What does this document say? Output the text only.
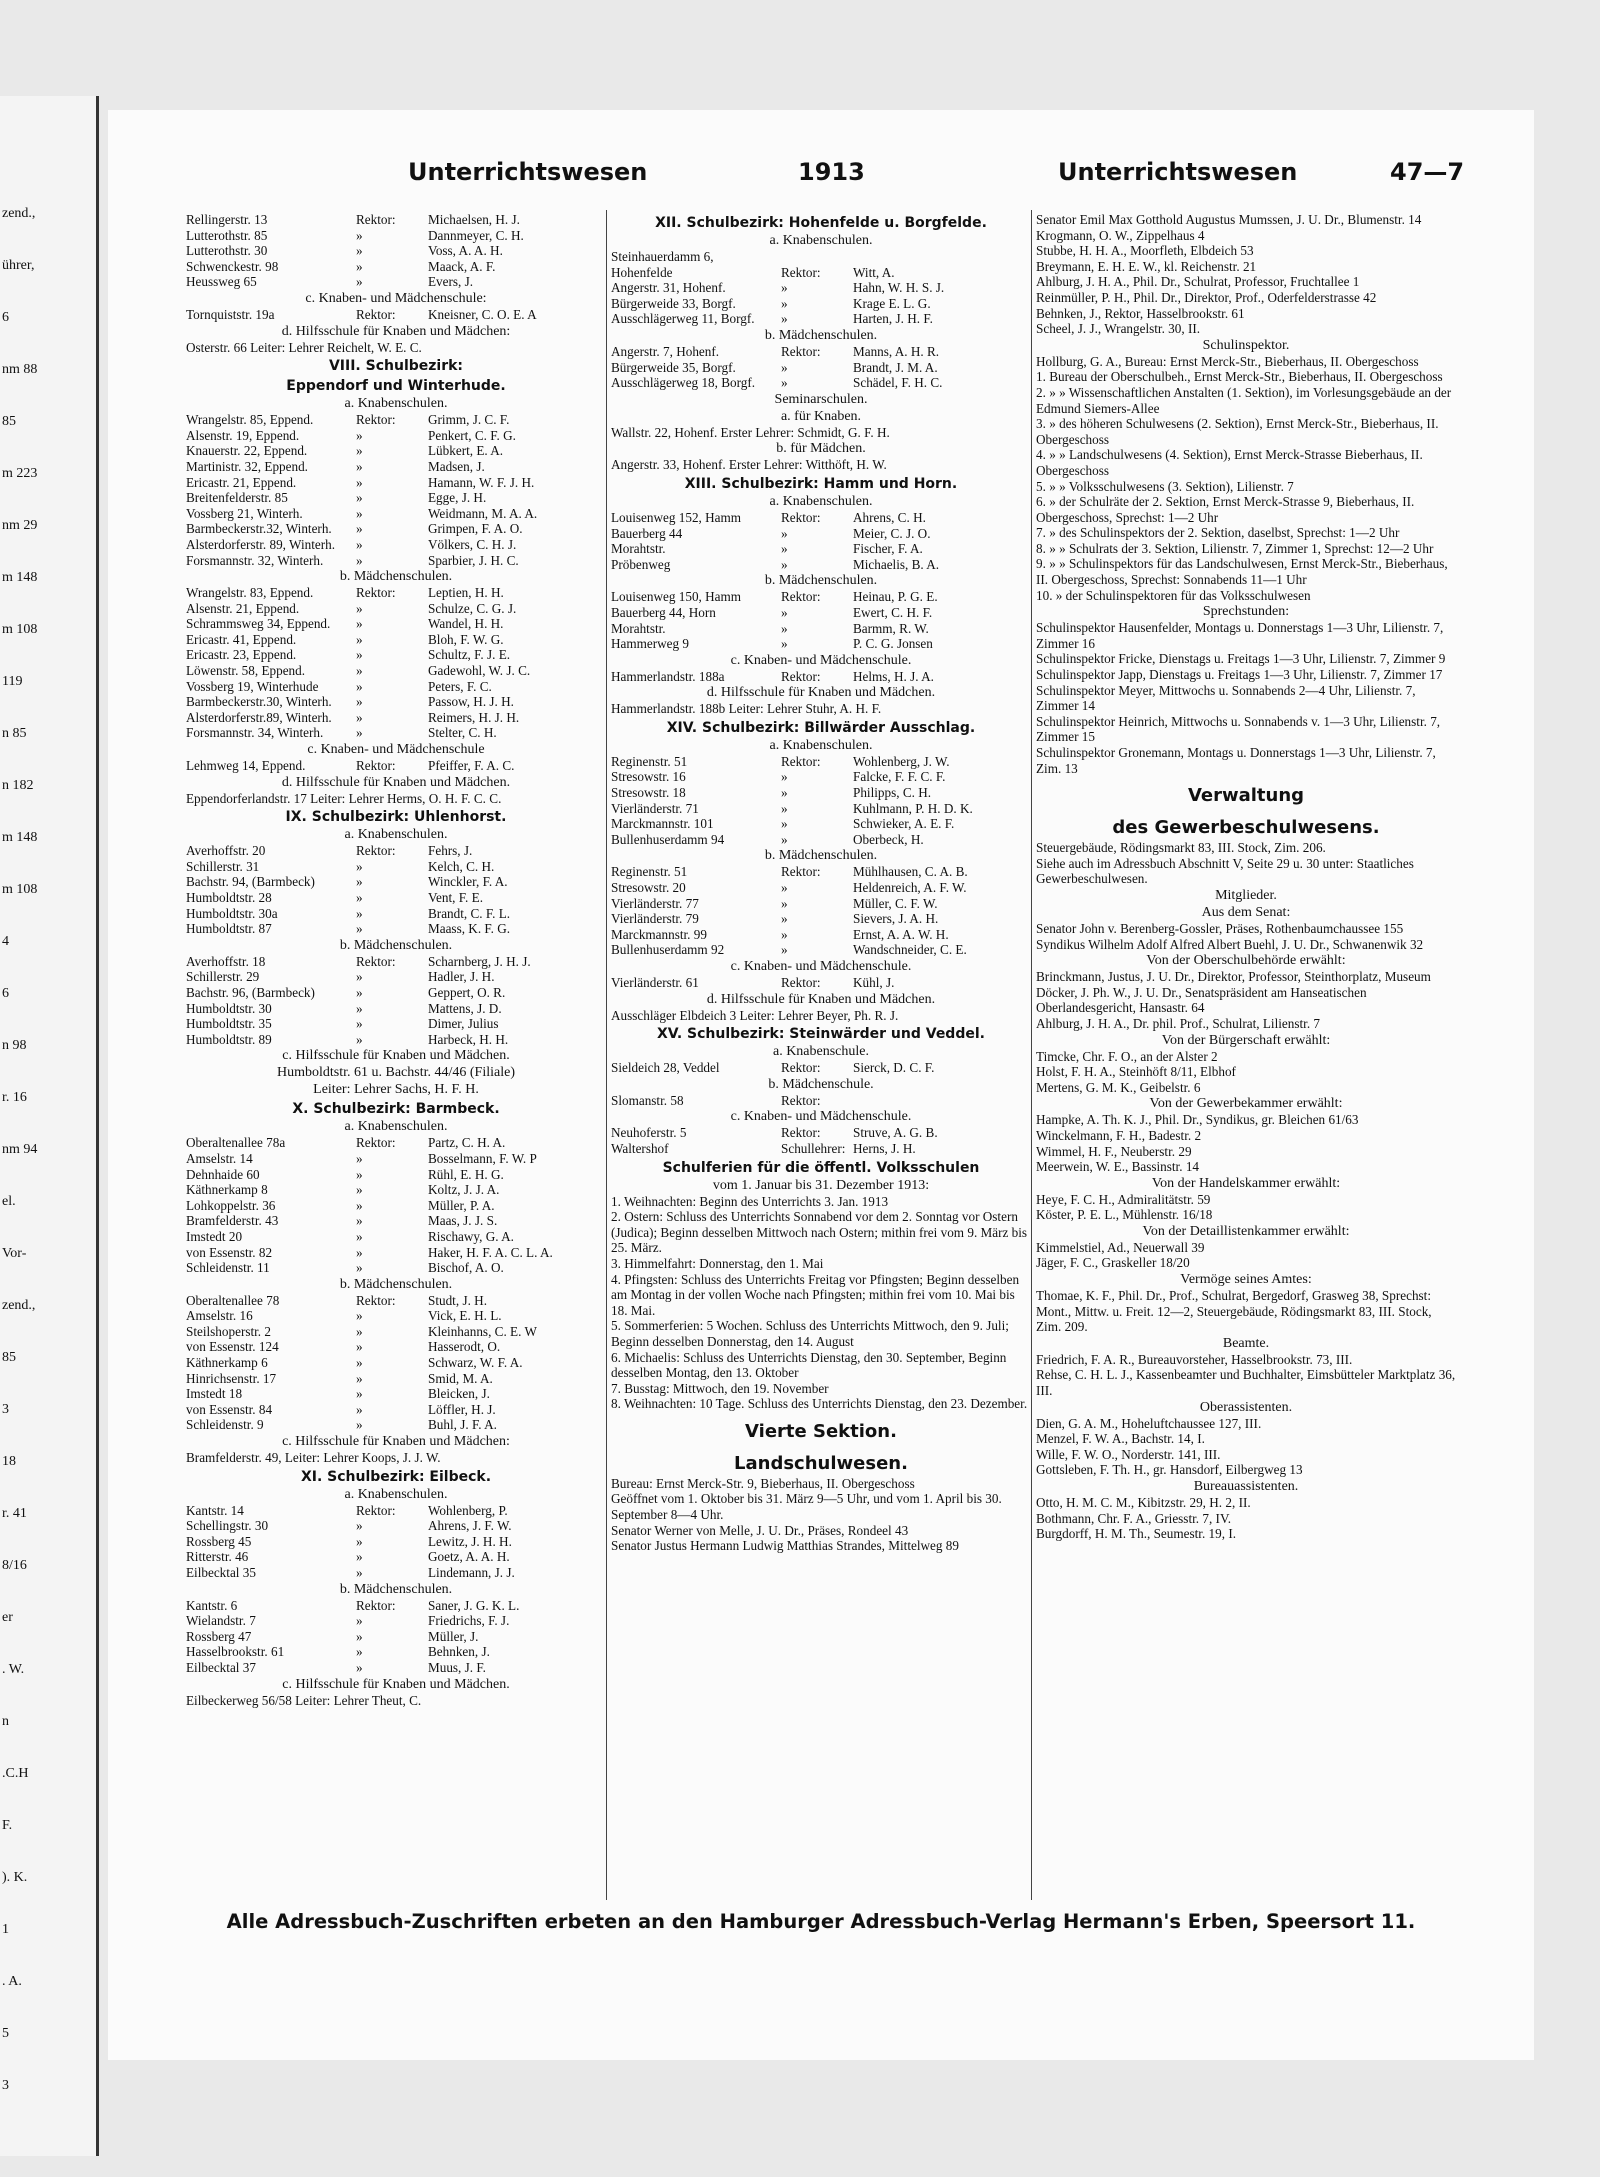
zend.,
ührer,
6
nm 88
85
m 223
nm 29
m 148
m 108
119
n 85
n 182
m 148
m 108
4
6
n 98
r. 16
nm 94
el.
Vor-
zend.,
85
3
18
r. 41
8/16
er
. W.
n
.C.H
F.
). K.
1
. A.
5
3
Unterrichtswesen	1913	Unterrichtswesen	47—7
Rellingerstr. 13	Rektor:	Michaelsen, H. J.
Lutterothstr. 85	»	Dannmeyer, C. H.
Lutterothstr. 30	»	Voss, A. A. H.
Schwenckestr. 98	»	Maack, A. F.
Heussweg 65	»	Evers, J.
c. Knaben- und Mädchenschule:
Tornquiststr. 19a	Rektor:	Kneisner, C. O. E. A
d. Hilfsschule für Knaben und Mädchen:
Osterstr. 66 Leiter: Lehrer Reichelt, W. E. C.
VIII. Schulbezirk:
Eppendorf und Winterhude.
a. Knabenschulen.
Wrangelstr. 85, Eppend.	Rektor:	Grimm, J. C. F.
Alsenstr. 19, Eppend.	»	Penkert, C. F. G.
Knauerstr. 22, Eppend.	»	Lübkert, E. A.
Martinistr. 32, Eppend.	»	Madsen, J.
Ericastr. 21, Eppend.	»	Hamann, W. F. J. H.
Breitenfelderstr. 85	»	Egge, J. H.
Vossberg 21, Winterh.	»	Weidmann, M. A. A.
Barmbeckerstr.32, Winterh.	»	Grimpen, F. A. O.
Alsterdorferstr. 89, Winterh.	»	Völkers, C. H. J.
Forsmannstr. 32, Winterh.	»	Sparbier, J. H. C.
b. Mädchenschulen.
Wrangelstr. 83, Eppend.	Rektor:	Leptien, H. H.
Alsenstr. 21, Eppend.	»	Schulze, C. G. J.
Schrammsweg 34, Eppend.	»	Wandel, H. H.
Ericastr. 41, Eppend.	»	Bloh, F. W. G.
Ericastr. 23, Eppend.	»	Schultz, F. J. E.
Löwenstr. 58, Eppend.	»	Gadewohl, W. J. C.
Vossberg 19, Winterhude	»	Peters, F. C.
Barmbeckerstr.30, Winterh.	»	Passow, H. J. H.
Alsterdorferstr.89, Winterh.	»	Reimers, H. J. H.
Forsmannstr. 34, Winterh.	»	Stelter, C. H.
c. Knaben- und Mädchenschule
Lehmweg 14, Eppend.	Rektor:	Pfeiffer, F. A. C.
d. Hilfsschule für Knaben und Mädchen.
Eppendorferlandstr. 17 Leiter: Lehrer Herms, O. H. F. C. C.
IX. Schulbezirk: Uhlenhorst.
a. Knabenschulen.
Averhoffstr. 20	Rektor:	Fehrs, J.
Schillerstr. 31	»	Kelch, C. H.
Bachstr. 94, (Barmbeck)	»	Winckler, F. A.
Humboldtstr. 28	»	Vent, F. E.
Humboldtstr. 30a	»	Brandt, C. F. L.
Humboldtstr. 87	»	Maass, K. F. G.
b. Mädchenschulen.
Averhoffstr. 18	Rektor:	Scharnberg, J. H. J.
Schillerstr. 29	»	Hadler, J. H.
Bachstr. 96, (Barmbeck)	»	Geppert, O. R.
Humboldtstr. 30	»	Mattens, J. D.
Humboldtstr. 35	»	Dimer, Julius
Humboldtstr. 89	»	Harbeck, H. H.
c. Hilfsschule für Knaben und Mädchen.
Humboldtstr. 61 u. Bachstr. 44/46 (Filiale)
Leiter: Lehrer Sachs, H. F. H.
X. Schulbezirk: Barmbeck.
a. Knabenschulen.
Oberaltenallee 78a	Rektor:	Partz, C. H. A.
Amselstr. 14	»	Bosselmann, F. W. P
Dehnhaide 60	»	Rühl, E. H. G.
Käthnerkamp 8	»	Koltz, J. J. A.
Lohkoppelstr. 36	»	Müller, P. A.
Bramfelderstr. 43	»	Maas, J. J. S.
Imstedt 20	»	Rischawy, G. A.
von Essenstr. 82	»	Haker, H. F. A. C. L. A.
Schleidenstr. 11	»	Bischof, A. O.
b. Mädchenschulen.
Oberaltenallee 78	Rektor:	Studt, J. H.
Amselstr. 16	»	Vick, E. H. L.
Steilshoperstr. 2	»	Kleinhanns, C. E. W
von Essenstr. 124	»	Hasserodt, O.
Käthnerkamp 6	»	Schwarz, W. F. A.
Hinrichsenstr. 17	»	Smid, M. A.
Imstedt 18	»	Bleicken, J.
von Essenstr. 84	»	Löffler, H. J.
Schleidenstr. 9	»	Buhl, J. F. A.
c. Hilfsschule für Knaben und Mädchen:
Bramfelderstr. 49, Leiter: Lehrer Koops, J. J. W.
XI. Schulbezirk: Eilbeck.
a. Knabenschulen.
Kantstr. 14	Rektor:	Wohlenberg, P.
Schellingstr. 30	»	Ahrens, J. F. W.
Rossberg 45	»	Lewitz, J. H. H.
Ritterstr. 46	»	Goetz, A. A. H.
Eilbecktal 35	»	Lindemann, J. J.
b. Mädchenschulen.
Kantstr. 6	Rektor:	Saner, J. G. K. L.
Wielandstr. 7	»	Friedrichs, F. J.
Rossberg 47	»	Müller, J.
Hasselbrookstr. 61	»	Behnken, J.
Eilbecktal 37	»	Muus, J. F.
c. Hilfsschule für Knaben und Mädchen.
Eilbeckerweg 56/58 Leiter: Lehrer Theut, C.
XII. Schulbezirk: Hohenfelde u. Borgfelde.
a. Knabenschulen.
Steinhauerdamm 6,
Hohenfelde	Rektor:	Witt, A.
Angerstr. 31, Hohenf.	»	Hahn, W. H. S. J.
Bürgerweide 33, Borgf.	»	Krage E. L. G.
Ausschlägerweg 11, Borgf.	»	Harten, J. H. F.
b. Mädchenschulen.
Angerstr. 7, Hohenf.	Rektor:	Manns, A. H. R.
Bürgerweide 35, Borgf.	»	Brandt, J. M. A.
Ausschlägerweg 18, Borgf.	»	Schädel, F. H. C.
Seminarschulen.
a. für Knaben.
Wallstr. 22, Hohenf. Erster Lehrer: Schmidt, G. F. H.
b. für Mädchen.
Angerstr. 33, Hohenf. Erster Lehrer: Witthöft, H. W.
XIII. Schulbezirk: Hamm und Horn.
a. Knabenschulen.
Louisenweg 152, Hamm	Rektor:	Ahrens, C. H.
Bauerberg 44	»	Meier, C. J. O.
Morahtstr.	»	Fischer, F. A.
Pröbenweg	»	Michaelis, B. A.
b. Mädchenschulen.
Louisenweg 150, Hamm	Rektor:	Heinau, P. G. E.
Bauerberg 44, Horn	»	Ewert, C. H. F.
Morahtstr.	»	Barmm, R. W.
Hammerweg 9	»	P. C. G. Jonsen
c. Knaben- und Mädchenschule.
Hammerlandstr. 188a	Rektor:	Helms, H. J. A.
d. Hilfsschule für Knaben und Mädchen.
Hammerlandstr. 188b Leiter: Lehrer Stuhr, A. H. F.
XIV. Schulbezirk: Billwärder Ausschlag.
a. Knabenschulen.
Reginenstr. 51	Rektor:	Wohlenberg, J. W.
Stresowstr. 16	»	Falcke, F. F. C. F.
Stresowstr. 18	»	Philipps, C. H.
Vierländerstr. 71	»	Kuhlmann, P. H. D. K.
Marckmannstr. 101	»	Schwieker, A. E. F.
Bullenhuserdamm 94	»	Oberbeck, H.
b. Mädchenschulen.
Reginenstr. 51	Rektor:	Mühlhausen, C. A. B.
Stresowstr. 20	»	Heldenreich, A. F. W.
Vierländerstr. 77	»	Müller, C. F. W.
Vierländerstr. 79	»	Sievers, J. A. H.
Marckmannstr. 99	»	Ernst, A. A. W. H.
Bullenhuserdamm 92	»	Wandschneider, C. E.
c. Knaben- und Mädchenschule.
Vierländerstr. 61	Rektor:	Kühl, J.
d. Hilfsschule für Knaben und Mädchen.
Ausschläger Elbdeich 3 Leiter: Lehrer Beyer, Ph. R. J.
XV. Schulbezirk: Steinwärder und Veddel.
a. Knabenschule.
Sieldeich 28, Veddel	Rektor:	Sierck, D. C. F.
b. Mädchenschule.
Slomanstr. 58	Rektor:
c. Knaben- und Mädchenschule.
Neuhoferstr. 5	Rektor:	Struve, A. G. B.
Waltershof	Schullehrer: Herns, J. H.
Schulferien für die öffentl. Volksschulen
vom 1. Januar bis 31. Dezember 1913:
1. Weihnachten: Beginn des Unterrichts 3. Jan. 1913
2. Ostern: Schluss des Unterrichts Sonnabend vor dem 2. Sonntag vor Ostern (Judica); Beginn desselben Mittwoch nach Ostern; mithin frei vom 9. März bis 25. März.
3. Himmelfahrt: Donnerstag, den 1. Mai
4. Pfingsten: Schluss des Unterrichts Freitag vor Pfingsten; Beginn desselben am Montag in der vollen Woche nach Pfingsten; mithin frei vom 10. Mai bis 18. Mai.
5. Sommerferien: 5 Wochen. Schluss des Unterrichts Mittwoch, den 9. Juli; Beginn desselben Donnerstag, den 14. August
6. Michaelis: Schluss des Unterrichts Dienstag, den 30. September, Beginn desselben Montag, den 13. Oktober
7. Busstag: Mittwoch, den 19. November
8. Weihnachten: 10 Tage. Schluss des Unterrichts Dienstag, den 23. Dezember.
Vierte Sektion.
Landschulwesen.
Bureau: Ernst Merck-Str. 9, Bieberhaus, II. Obergeschoss
Geöffnet vom 1. Oktober bis 31. März 9—5 Uhr, und vom 1. April bis 30. September 8—4 Uhr.
Senator Werner von Melle, J. U. Dr., Präses, Rondeel 43
Senator Justus Hermann Ludwig Matthias Strandes, Mittelweg 89
Senator Emil Max Gotthold Augustus Mumssen, J. U. Dr., Blumenstr. 14
Krogmann, O. W., Zippelhaus 4
Stubbe, H. H. A., Moorfleth, Elbdeich 53
Breymann, E. H. E. W., kl. Reichenstr. 21
Ahlburg, J. H. A., Phil. Dr., Schulrat, Professor, Fruchtallee 1
Reinmüller, P. H., Phil. Dr., Direktor, Prof., Oderfelderstrasse 42
Behnken, J., Rektor, Hasselbrookstr. 61
Scheel, J. J., Wrangelstr. 30, II.
Schulinspektor.
Hollburg, G. A., Bureau: Ernst Merck-Str., Bieberhaus, II. Obergeschoss
1. Bureau der Oberschulbeh., Ernst Merck-Str., Bieberhaus, II. Obergeschoss
2. » » Wissenschaftlichen Anstalten (1. Sektion), im Vorlesungsgebäude an der Edmund Siemers-Allee
3. » des höheren Schulwesens (2. Sektion), Ernst Merck-Str., Bieberhaus, II. Obergeschoss
4. » » Landschulwesens (4. Sektion), Ernst Merck-Strasse Bieberhaus, II. Obergeschoss
5. » » Volksschulwesens (3. Sektion), Lilienstr. 7
6. » der Schulräte der 2. Sektion, Ernst Merck-Strasse 9, Bieberhaus, II. Obergeschoss, Sprechst: 1—2 Uhr
7. » des Schulinspektors der 2. Sektion, daselbst, Sprechst: 1—2 Uhr
8. » » Schulrats der 3. Sektion, Lilienstr. 7, Zimmer 1, Sprechst: 12—2 Uhr
9. » » Schulinspektors für das Landschulwesen, Ernst Merck-Str., Bieberhaus, II. Obergeschoss, Sprechst: Sonnabends 11—1 Uhr
10. » der Schulinspektoren für das Volksschulwesen
Sprechstunden:
Schulinspektor Hausenfelder, Montags u. Donnerstags 1—3 Uhr, Lilienstr. 7, Zimmer 16
Schulinspektor Fricke, Dienstags u. Freitags 1—3 Uhr, Lilienstr. 7, Zimmer 9
Schulinspektor Japp, Dienstags u. Freitags 1—3 Uhr, Lilienstr. 7, Zimmer 17
Schulinspektor Meyer, Mittwochs u. Sonnabends 2—4 Uhr, Lilienstr. 7, Zimmer 14
Schulinspektor Heinrich, Mittwochs u. Sonnabends v. 1—3 Uhr, Lilienstr. 7, Zimmer 15
Schulinspektor Gronemann, Montags u. Donnerstags 1—3 Uhr, Lilienstr. 7, Zim. 13
Verwaltung
des Gewerbeschulwesens.
Steuergebäude, Rödingsmarkt 83, III. Stock, Zim. 206.
Siehe auch im Adressbuch Abschnitt V, Seite 29 u. 30 unter: Staatliches Gewerbeschulwesen.
Mitglieder.
Aus dem Senat:
Senator John v. Berenberg-Gossler, Präses, Rothenbaumchaussee 155
Syndikus Wilhelm Adolf Alfred Albert Buehl, J. U. Dr., Schwanenwik 32
Von der Oberschulbehörde erwählt:
Brinckmann, Justus, J. U. Dr., Direktor, Professor, Steinthorplatz, Museum
Döcker, J. Ph. W., J. U. Dr., Senatspräsident am Hanseatischen Oberlandesgericht, Hansastr. 64
Ahlburg, J. H. A., Dr. phil. Prof., Schulrat, Lilienstr. 7
Von der Bürgerschaft erwählt:
Timcke, Chr. F. O., an der Alster 2
Holst, F. H. A., Steinhöft 8/11, Elbhof
Mertens, G. M. K., Geibelstr. 6
Von der Gewerbekammer erwählt:
Hampke, A. Th. K. J., Phil. Dr., Syndikus, gr. Bleichen 61/63
Winckelmann, F. H., Badestr. 2
Wimmel, H. F., Neuberstr. 29
Meerwein, W. E., Bassinstr. 14
Von der Handelskammer erwählt:
Heye, F. C. H., Admiralitätstr. 59
Köster, P. E. L., Mühlenstr. 16/18
Von der Detaillistenkammer erwählt:
Kimmelstiel, Ad., Neuerwall 39
Jäger, F. C., Graskeller 18/20
Vermöge seines Amtes:
Thomae, K. F., Phil. Dr., Prof., Schulrat, Bergedorf, Grasweg 38, Sprechst: Mont., Mittw. u. Freit. 12—2, Steuergebäude, Rödingsmarkt 83, III. Stock, Zim. 209.
Beamte.
Friedrich, F. A. R., Bureauvorsteher, Hasselbrookstr. 73, III.
Rehse, C. H. L. J., Kassenbeamter und Buchhalter, Eimsbütteler Marktplatz 36, III.
Oberassistenten.
Dien, G. A. M., Hoheluftchaussee 127, III.
Menzel, F. W. A., Bachstr. 14, I.
Wille, F. W. O., Norderstr. 141, III.
Gottsleben, F. Th. H., gr. Hansdorf, Eilbergweg 13
Bureauassistenten.
Otto, H. M. C. M., Kibitzstr. 29, H. 2, II.
Bothmann, Chr. F. A., Griesstr. 7, IV.
Burgdorff, H. M. Th., Seumestr. 19, I.
Alle Adressbuch-Zuschriften erbeten an den Hamburger Adressbuch-Verlag Hermann's Erben, Speersort 11.
